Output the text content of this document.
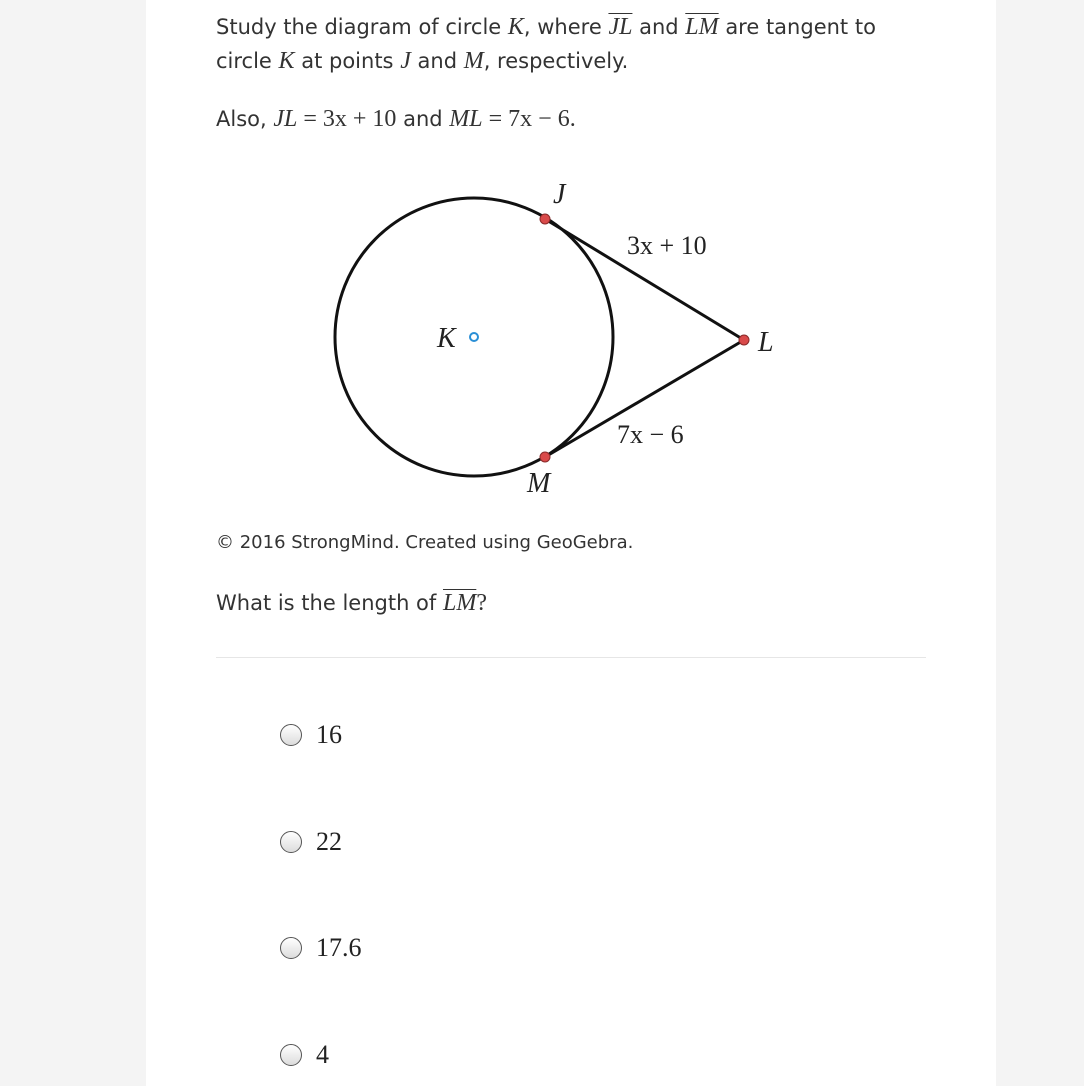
Study the diagram of circle K, where $\overline{JL}$ and $\overline{LM}$ are tangent to
circle K at points J and M, respectively.
Also, JL = 3x + 10 and ML = 7x − 6.
J
L
M
K
3x + 10
7x − 6
© 2016 StrongMind. Created using GeoGebra.
What is the length of $\overline{LM}$?
16
22
17.6
4
